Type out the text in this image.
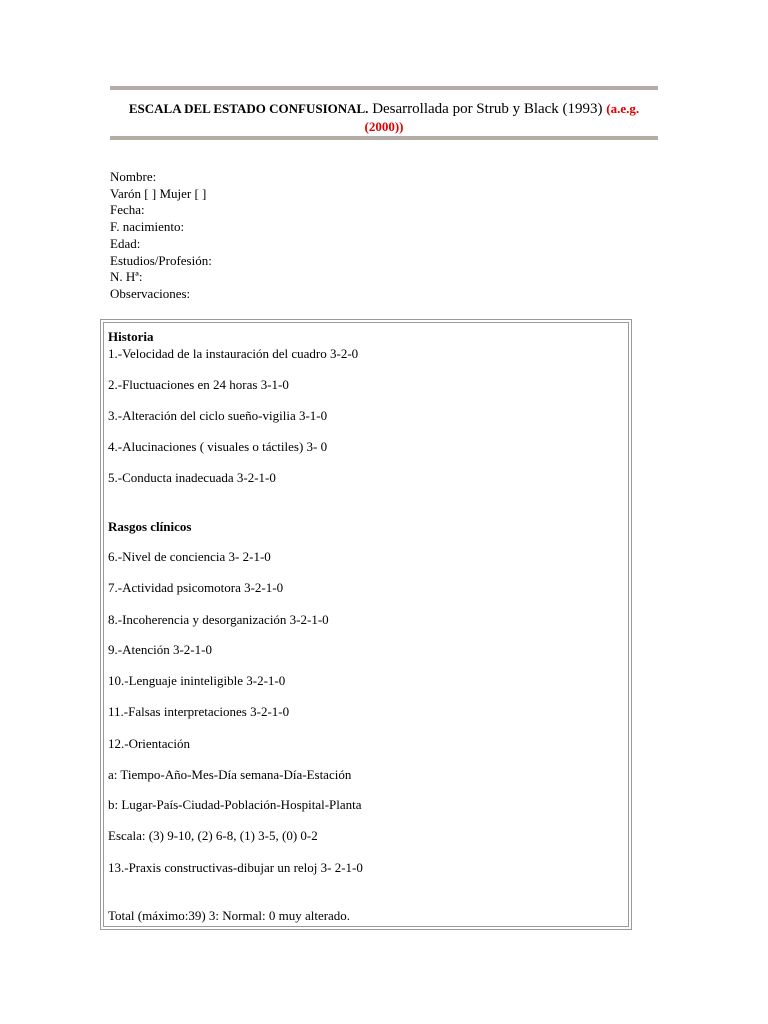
ESCALA DEL ESTADO CONFUSIONAL. Desarrollada por Strub y Black (1993) (a.e.g.
(2000))
Nombre:
Varón [ ] Mujer [ ]
Fecha:
F. nacimiento:
Edad:
Estudios/Profesión:
N. Hª:
Observaciones:
Historia
1.-Velocidad de la instauración del cuadro 3-2-0
2.-Fluctuaciones en 24 horas 3-1-0
3.-Alteración del ciclo sueño-vigilia 3-1-0
4.-Alucinaciones ( visuales o táctiles) 3- 0
5.-Conducta inadecuada 3-2-1-0
Rasgos clínicos
6.-Nivel de conciencia 3- 2-1-0
7.-Actividad psicomotora 3-2-1-0
8.-Incoherencia y desorganización 3-2-1-0
9.-Atención 3-2-1-0
10.-Lenguaje ininteligible 3-2-1-0
11.-Falsas interpretaciones 3-2-1-0
12.-Orientación
a: Tiempo-Año-Mes-Día semana-Día-Estación
b: Lugar-País-Ciudad-Población-Hospital-Planta
Escala: (3) 9-10, (2) 6-8, (1) 3-5, (0) 0-2
13.-Praxis constructivas-dibujar un reloj 3- 2-1-0
Total (máximo:39) 3: Normal: 0 muy alterado.
